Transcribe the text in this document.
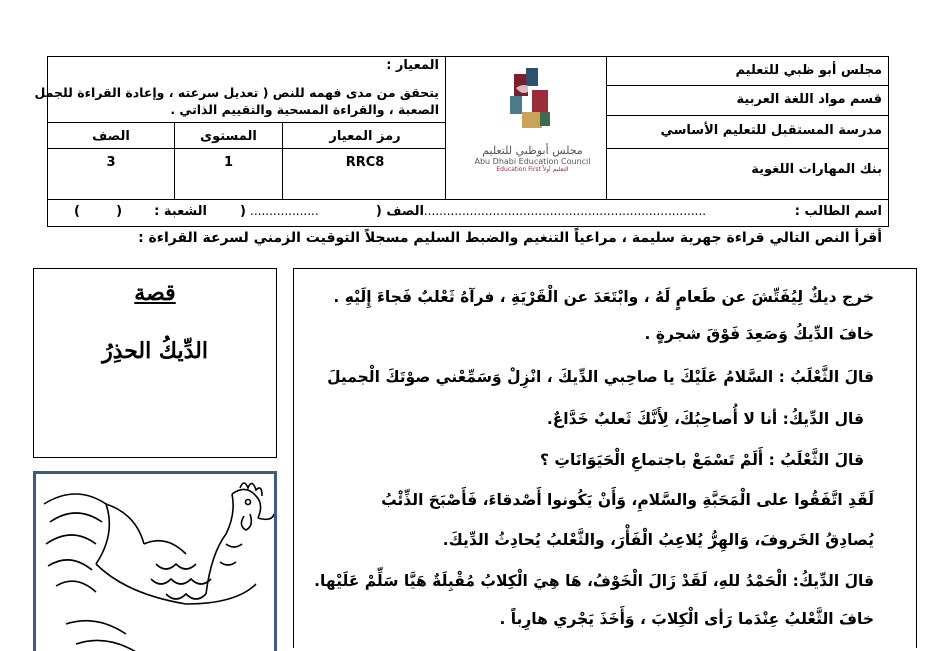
مجلس أبو ظبي للتعليم
قسم مواد اللغة العربية
مدرسة المستقبل للتعليم الأساسي
بنك المهارات اللغوية
مجلس أبوظبي للتعليم
Abu Dhabi Education Council
Education First التعليم أولاً
المعيار :
يتحقق من مدى فهمه للنص ( تعديل سرعته ، وإعادة القراءة للجمل
الصعبة ، والقراءة المسحية والتقييم الذاتي .
رمز المعيار
المستوى
الصف
RRC8
1
3
اسم الطالب :
...........................................................................
الصف (
..................
)
الشعبة :
(        )
أقرأ النص التالي قراءة جهرية سليمة ، مراعياً التنغيم والضبط السليم مسجلاً التوقيت الزمني لسرعة القراءة :
خرج ديكٌ لِيُفَتِّشَ عن طَعامٍ لَهُ ، وابْتَعَدَ عن الْقَرْيَةِ ، فرآهُ ثَعْلبٌ فَجاءَ إِلَيْهِ .
خافَ الدِّيكُ وَصَعِدَ فَوْقَ شجرةٍ .
قالَ الثَّعْلَبُ : السَّلامُ عَلَيْكَ يا صاحِبي الدِّيكَ ، انْزِلْ وَسَمِّعْني صوْتَكَ الْجميلَ
قال الدِّيكُ: أنا لا أُصاحِبُكَ، لِأَنَّكَ ثَعلبٌ خَدَّاعٌ.
قالَ الثَّعْلَبُ : أَلَمْ تَسْمَعْ باجتماعِ الْحَيَوَانَاتِ ؟
لَقَدِ اتَّفَقُوا على الْمَحَبَّةِ والسَّلامِ، وَأَنْ يَكُونوا أَصْدقاءَ، فَأَصْبَحَ الذِّئْبُ
يُصادِقُ الخَروفَ، وَالهِرُّ يُلاعِبُ الْفَأْرَ، والثَّعْلبُ يُحادِثُ الدِّيكَ.
قالَ الدِّيكُ: الْحَمْدُ للهِ، لَقَدْ زَالَ الْخَوْفُ، هَا هِيَ الْكِلابُ مُقْبِلَةٌ هَيَّا سَلِّمْ عَلَيْها.
خافَ الثَّعْلبُ عِنْدَما رَأى الْكِلابَ ، وَأَخَذَ يَجْري هارِباً .
قصة
الدِّيكُ الحذِرُ
